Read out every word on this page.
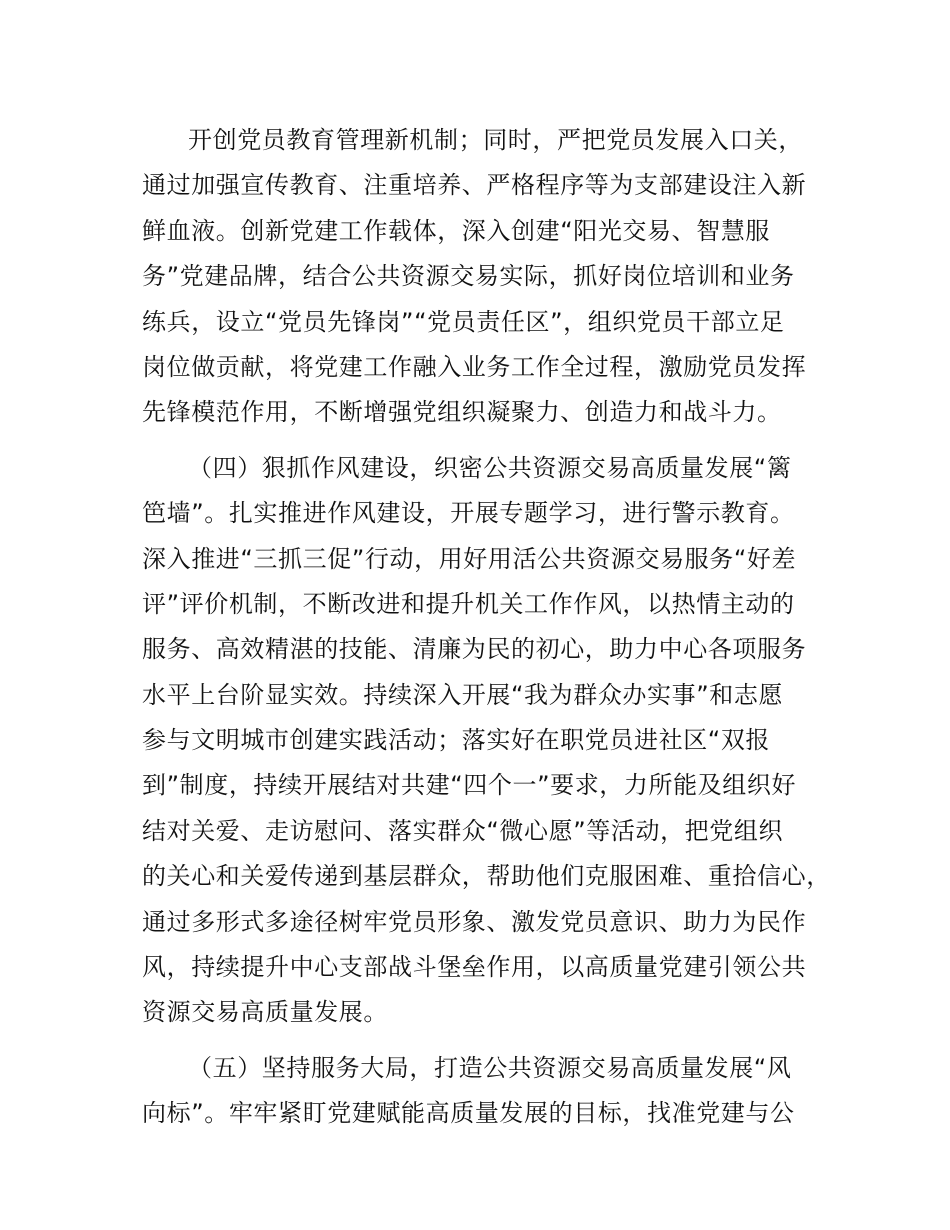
开创党员教育管理新机制；同时，严把党员发展入口关，
通过加强宣传教育、注重培养、严格程序等为支部建设注入新
鲜血液。创新党建工作载体，深入创建“阳光交易、智慧服
务”党建品牌，结合公共资源交易实际，抓好岗位培训和业务
练兵，设立“党员先锋岗”“党员责任区”，组织党员干部立足
岗位做贡献，将党建工作融入业务工作全过程，激励党员发挥
先锋模范作用，不断增强党组织凝聚力、创造力和战斗力。
（四）狠抓作风建设，织密公共资源交易高质量发展“篱
笆墙”。扎实推进作风建设，开展专题学习，进行警示教育。
深入推进“三抓三促”行动，用好用活公共资源交易服务“好差
评”评价机制，不断改进和提升机关工作作风，以热情主动的
服务、高效精湛的技能、清廉为民的初心，助力中心各项服务
水平上台阶显实效。持续深入开展“我为群众办实事”和志愿
参与文明城市创建实践活动；落实好在职党员进社区“双报
到”制度，持续开展结对共建“四个一”要求，力所能及组织好
结对关爱、走访慰问、落实群众“微心愿”等活动，把党组织
的关心和关爱传递到基层群众，帮助他们克服困难、重拾信心，
通过多形式多途径树牢党员形象、激发党员意识、助力为民作
风，持续提升中心支部战斗堡垒作用，以高质量党建引领公共
资源交易高质量发展。
（五）坚持服务大局，打造公共资源交易高质量发展“风
向标”。牢牢紧盯党建赋能高质量发展的目标，找准党建与公
